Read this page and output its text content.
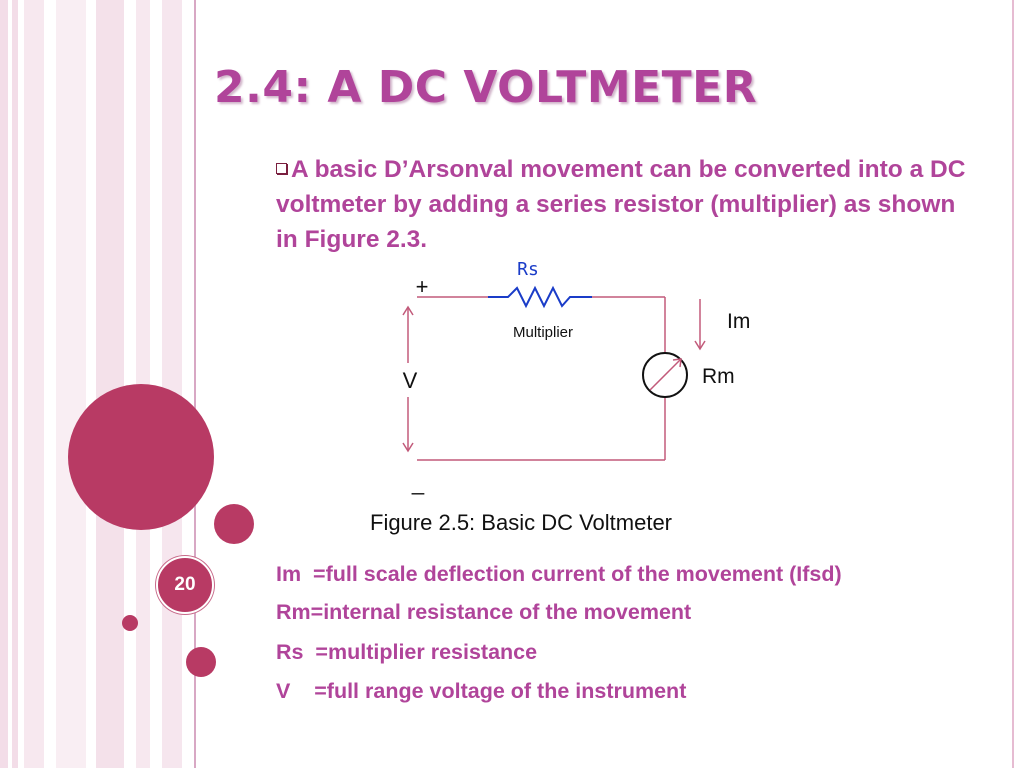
20
2.4: A DC VOLTMETER
A basic D’Arsonval movement can be converted into a DC voltmeter by adding a series resistor (multiplier) as shown in Figure 2.3.
Rs
Multiplier	Im
Rm
+
_
V
Figure 2.5: Basic DC Voltmeter
Im  =full scale deflection current of the movement (Ifsd)
Rm=internal resistance of the movement
Rs  =multiplier resistance
V    =full range voltage of the instrument
